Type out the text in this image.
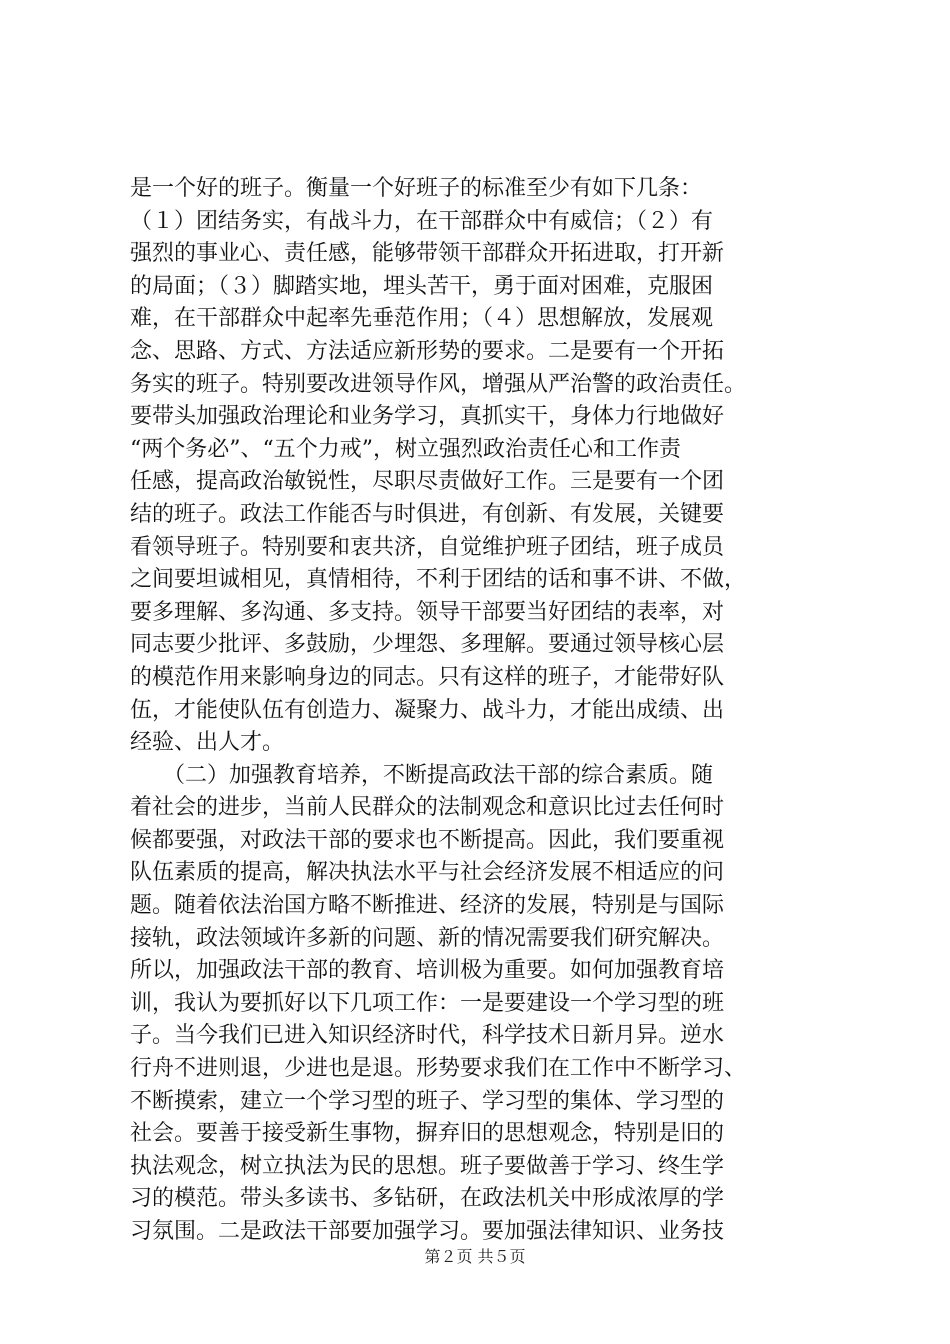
是一个好的班子。衡量一个好班子的标准至少有如下几条：
（１）团结务实，有战斗力，在干部群众中有威信；（２）有
强烈的事业心、责任感，能够带领干部群众开拓进取，打开新
的局面；（３）脚踏实地，埋头苦干，勇于面对困难，克服困
难，在干部群众中起率先垂范作用；（４）思想解放，发展观
念、思路、方式、方法适应新形势的要求。二是要有一个开拓
务实的班子。特别要改进领导作风，增强从严治警的政治责任。
要带头加强政治理论和业务学习，真抓实干，身体力行地做好
“两个务必”、“五个力戒”，树立强烈政治责任心和工作责
任感，提高政治敏锐性，尽职尽责做好工作。三是要有一个团
结的班子。政法工作能否与时俱进，有创新、有发展，关键要
看领导班子。特别要和衷共济，自觉维护班子团结，班子成员
之间要坦诚相见，真情相待，不利于团结的话和事不讲、不做，
要多理解、多沟通、多支持。领导干部要当好团结的表率，对
同志要少批评、多鼓励，少埋怨、多理解。要通过领导核心层
的模范作用来影响身边的同志。只有这样的班子，才能带好队
伍，才能使队伍有创造力、凝聚力、战斗力，才能出成绩、出
经验、出人才。
　　（二）加强教育培养，不断提高政法干部的综合素质。随
着社会的进步，当前人民群众的法制观念和意识比过去任何时
候都要强，对政法干部的要求也不断提高。因此，我们要重视
队伍素质的提高，解决执法水平与社会经济发展不相适应的问
题。随着依法治国方略不断推进、经济的发展，特别是与国际
接轨，政法领域许多新的问题、新的情况需要我们研究解决。
所以，加强政法干部的教育、培训极为重要。如何加强教育培
训，我认为要抓好以下几项工作：一是要建设一个学习型的班
子。当今我们已进入知识经济时代，科学技术日新月异。逆水
行舟不进则退，少进也是退。形势要求我们在工作中不断学习、
不断摸索，建立一个学习型的班子、学习型的集体、学习型的
社会。要善于接受新生事物，摒弃旧的思想观念，特别是旧的
执法观念，树立执法为民的思想。班子要做善于学习、终生学
习的模范。带头多读书、多钻研，在政法机关中形成浓厚的学
习氛围。二是政法干部要加强学习。要加强法律知识、业务技
第２页 共５页
